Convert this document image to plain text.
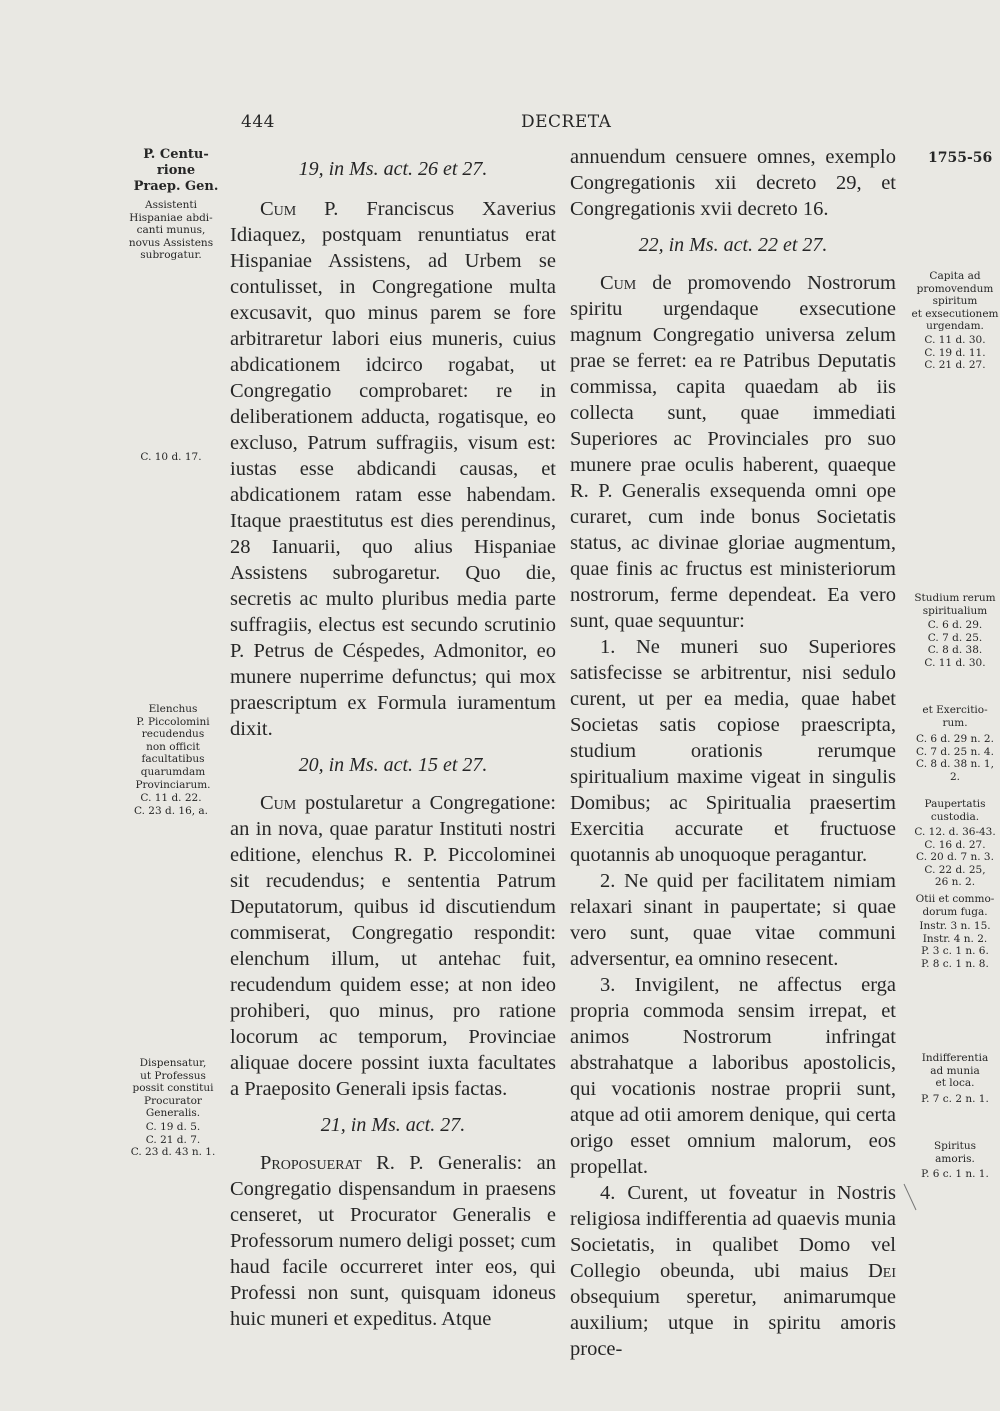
444	DECRETA
1755-56
P. Centu-
rione
Praep. Gen.
Assistenti
Hispaniae abdi-
canti munus,
novus Assistens
subrogatur.
C. 10 d. 17.
Elenchus
P. Piccolomini
recudendus
non officit
facultatibus
quarumdam
Provinciarum.
C. 11 d. 22.
C. 23 d. 16, a.
Dispensatur,
ut Professus
possit constitui
Procurator
Generalis.
C. 19 d. 5.
C. 21 d. 7.
C. 23 d. 43 n. 1.
Capita ad
promovendum
spiritum
et exsecutionem
urgendam.
C. 11 d. 30.
C. 19 d. 11.
C. 21 d. 27.
Studium rerum
spiritualium
C. 6 d. 29.
C. 7 d. 25.
C. 8 d. 38.
C. 11 d. 30.
et Exercitio-
rum.
C. 6 d. 29 n. 2.
C. 7 d. 25 n. 4.
C. 8 d. 38 n. 1, 2.
Paupertatis
custodia.
C. 12. d. 36-43.
C. 16 d. 27.
C. 20 d. 7 n. 3.
C. 22 d. 25,
26 n. 2.
Otii et commo-
dorum fuga.
Instr. 3 n. 15.
Instr. 4 n. 2.
P. 3 c. 1 n. 6.
P. 8 c. 1 n. 8.
Indifferentia
ad munia
et loca.
P. 7 c. 2 n. 1.
Spiritus
amoris.
P. 6 c. 1 n. 1.
19, in Ms. act. 26 et 27.

Cum P. Franciscus Xaverius Idiaquez, postquam renuntiatus erat Hispaniae Assistens, ad Urbem se contulisset, in Congregatione multa excusavit, quo minus parem se fore arbitraretur labori eius muneris, cuius abdicationem idcirco rogabat, ut Congregatio comprobaret: re in deliberationem adducta, rogatisque, eo excluso, Patrum suffragiis, visum est: iustas esse abdicandi causas, et abdicationem ratam esse habendam. Itaque praestitutus est dies perendinus, 28 Ianuarii, quo alius Hispaniae Assistens subrogaretur. Quo die, secretis ac multo pluribus media parte suffragiis, electus est secundo scrutinio P. Petrus de Céspedes, Admonitor, eo munere nuperrime defunctus; qui mox praescriptum ex Formula iuramentum dixit.

20, in Ms. act. 15 et 27.

Cum postularetur a Congregatione: an in nova, quae paratur Instituti nostri editione, elenchus R. P. Piccolominei sit recudendus; e sententia Patrum Deputatorum, quibus id discutiendum commiserat, Congregatio respondit: elenchum illum, ut antehac fuit, recudendum quidem esse; at non ideo prohiberi, quo minus, pro ratione locorum ac temporum, Provinciae aliquae docere possint iuxta facultates a Praeposito Generali ipsis factas.

21, in Ms. act. 27.

Proposuerat R. P. Generalis: an Congregatio dispensandum in praesens censeret, ut Procurator Generalis e Professorum numero deligi posset; cum haud facile occurreret inter eos, qui Professi non sunt, quisquam idoneus huic muneri et expeditus. Atque

annuendum censuere omnes, exemplo Congregationis xii decreto 29, et Congregationis xvii decreto 16.

22, in Ms. act. 22 et 27.

Cum de promovendo Nostrorum spiritu urgendaque exsecutione magnum Congregatio universa zelum prae se ferret: ea re Patribus Deputatis commissa, capita quaedam ab iis collecta sunt, quae immediati Superiores ac Provinciales pro suo munere prae oculis haberent, quaeque R. P. Generalis exsequenda omni ope curaret, cum inde bonus Societatis status, ac divinae gloriae augmentum, quae finis ac fructus est ministeriorum nostrorum, ferme dependeat. Ea vero sunt, quae sequuntur:

1. Ne muneri suo Superiores satisfecisse se arbitrentur, nisi sedulo curent, ut per ea media, quae habet Societas satis copiose praescripta, studium orationis rerumque spiritualium maxime vigeat in singulis Domibus; ac Spiritualia praesertim Exercitia accurate et fructuose quotannis ab unoquoque peragantur.

2. Ne quid per facilitatem nimiam relaxari sinant in paupertate; si quae vero sunt, quae vitae communi adversentur, ea omnino resecent.

3. Invigilent, ne affectus erga propria commoda sensim irrepat, et animos Nostrorum infringat abstrahatque a laboribus apostolicis, qui vocationis nostrae proprii sunt, atque ad otii amorem denique, qui certa origo esset omnium malorum, eos propellat.

4. Curent, ut foveatur in Nostris religiosa indifferentia ad quaevis munia Societatis, in qualibet Domo vel Collegio obeunda, ubi maius Dei obsequium speretur, animarumque auxilium; utque in spiritu amoris proce-
